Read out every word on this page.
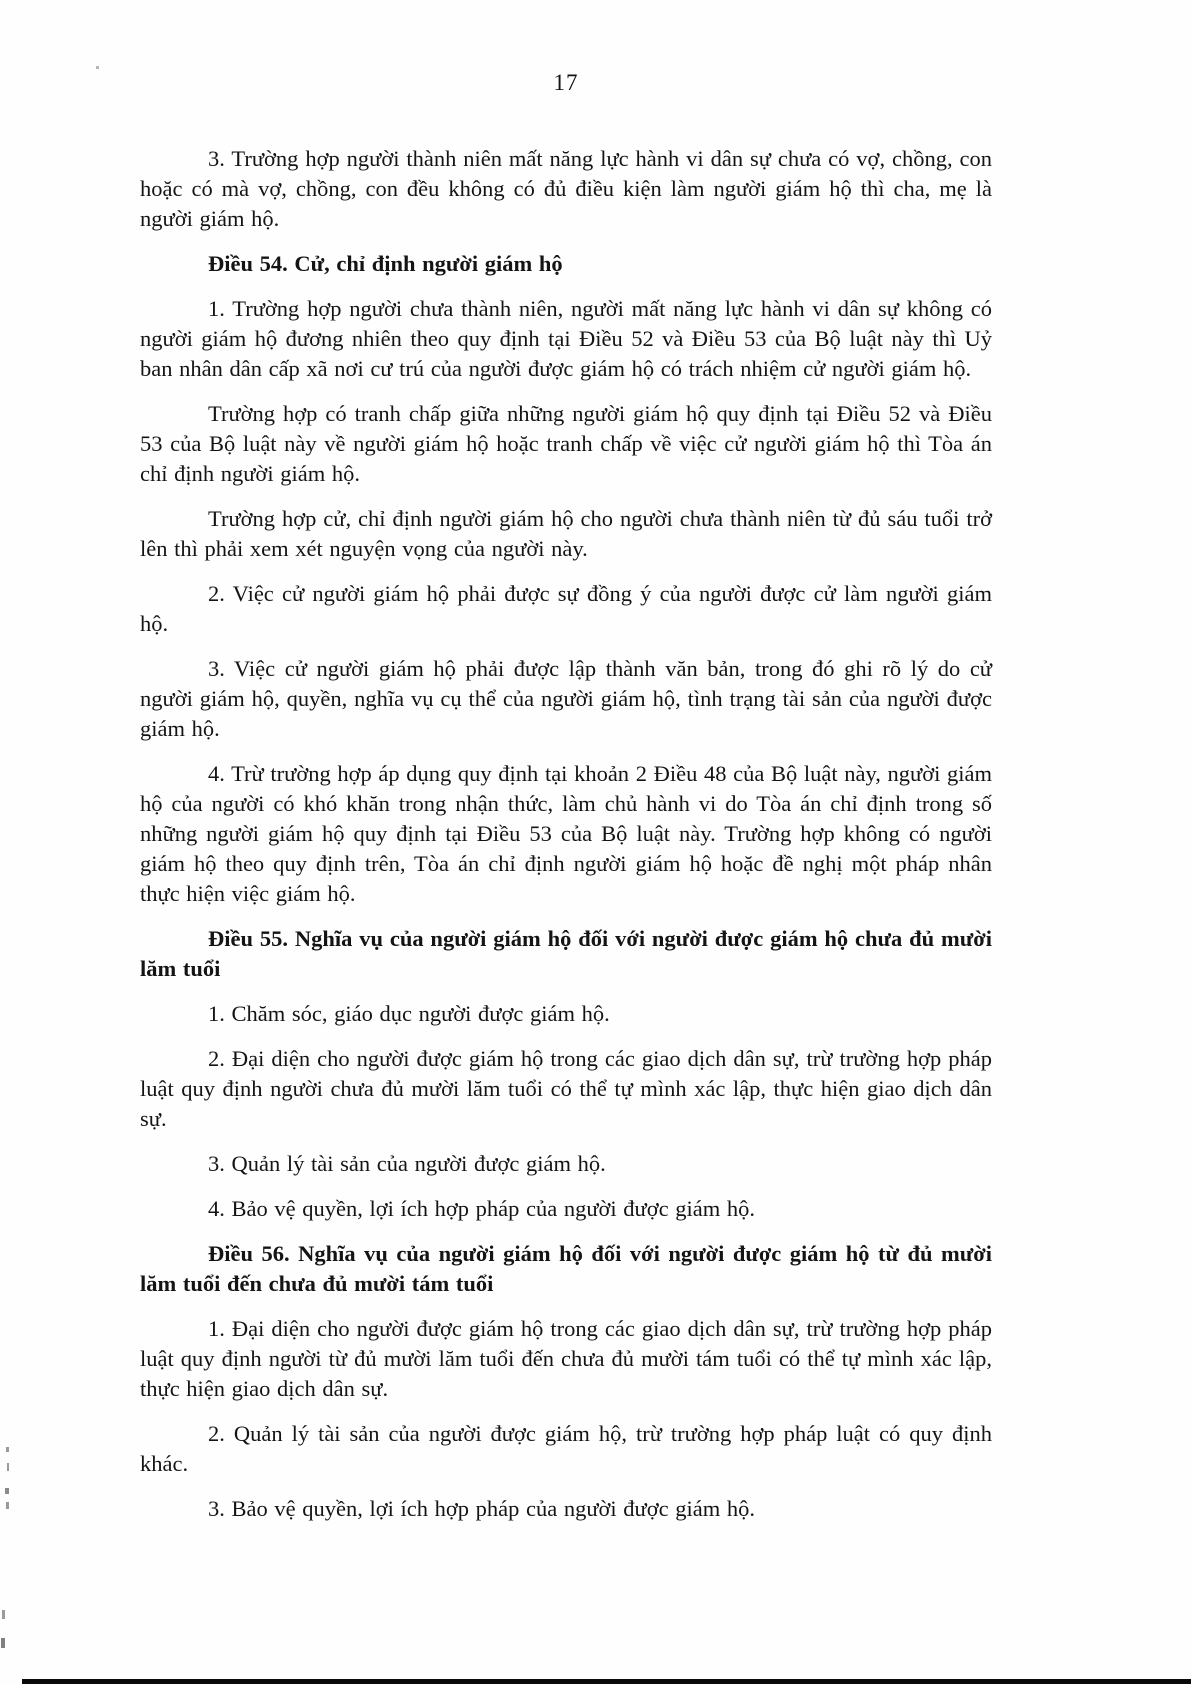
17

3. Trường hợp người thành niên mất năng lực hành vi dân sự chưa có vợ, chồng, con hoặc có mà vợ, chồng, con đều không có đủ điều kiện làm người giám hộ thì cha, mẹ là người giám hộ.

Điều 54. Cử, chỉ định người giám hộ

1. Trường hợp người chưa thành niên, người mất năng lực hành vi dân sự không có người giám hộ đương nhiên theo quy định tại Điều 52 và Điều 53 của Bộ luật này thì Uỷ ban nhân dân cấp xã nơi cư trú của người được giám hộ có trách nhiệm cử người giám hộ.

Trường hợp có tranh chấp giữa những người giám hộ quy định tại Điều 52 và Điều 53 của Bộ luật này về người giám hộ hoặc tranh chấp về việc cử người giám hộ thì Tòa án chỉ định người giám hộ.

Trường hợp cử, chỉ định người giám hộ cho người chưa thành niên từ đủ sáu tuổi trở lên thì phải xem xét nguyện vọng của người này.

2. Việc cử người giám hộ phải được sự đồng ý của người được cử làm người giám hộ.

3. Việc cử người giám hộ phải được lập thành văn bản, trong đó ghi rõ lý do cử người giám hộ, quyền, nghĩa vụ cụ thể của người giám hộ, tình trạng tài sản của người được giám hộ.

4. Trừ trường hợp áp dụng quy định tại khoản 2 Điều 48 của Bộ luật này, người giám hộ của người có khó khăn trong nhận thức, làm chủ hành vi do Tòa án chỉ định trong số những người giám hộ quy định tại Điều 53 của Bộ luật này. Trường hợp không có người giám hộ theo quy định trên, Tòa án chỉ định người giám hộ hoặc đề nghị một pháp nhân thực hiện việc giám hộ.

Điều 55. Nghĩa vụ của người giám hộ đối với người được giám hộ chưa đủ mười lăm tuổi

1. Chăm sóc, giáo dục người được giám hộ.

2. Đại diện cho người được giám hộ trong các giao dịch dân sự, trừ trường hợp pháp luật quy định người chưa đủ mười lăm tuổi có thể tự mình xác lập, thực hiện giao dịch dân sự.

3. Quản lý tài sản của người được giám hộ.

4. Bảo vệ quyền, lợi ích hợp pháp của người được giám hộ.

Điều 56. Nghĩa vụ của người giám hộ đối với người được giám hộ từ đủ mười lăm tuổi đến chưa đủ mười tám tuổi

1. Đại diện cho người được giám hộ trong các giao dịch dân sự, trừ trường hợp pháp luật quy định người từ đủ mười lăm tuổi đến chưa đủ mười tám tuổi có thể tự mình xác lập, thực hiện giao dịch dân sự.

2. Quản lý tài sản của người được giám hộ, trừ trường hợp pháp luật có quy định khác.

3. Bảo vệ quyền, lợi ích hợp pháp của người được giám hộ.
